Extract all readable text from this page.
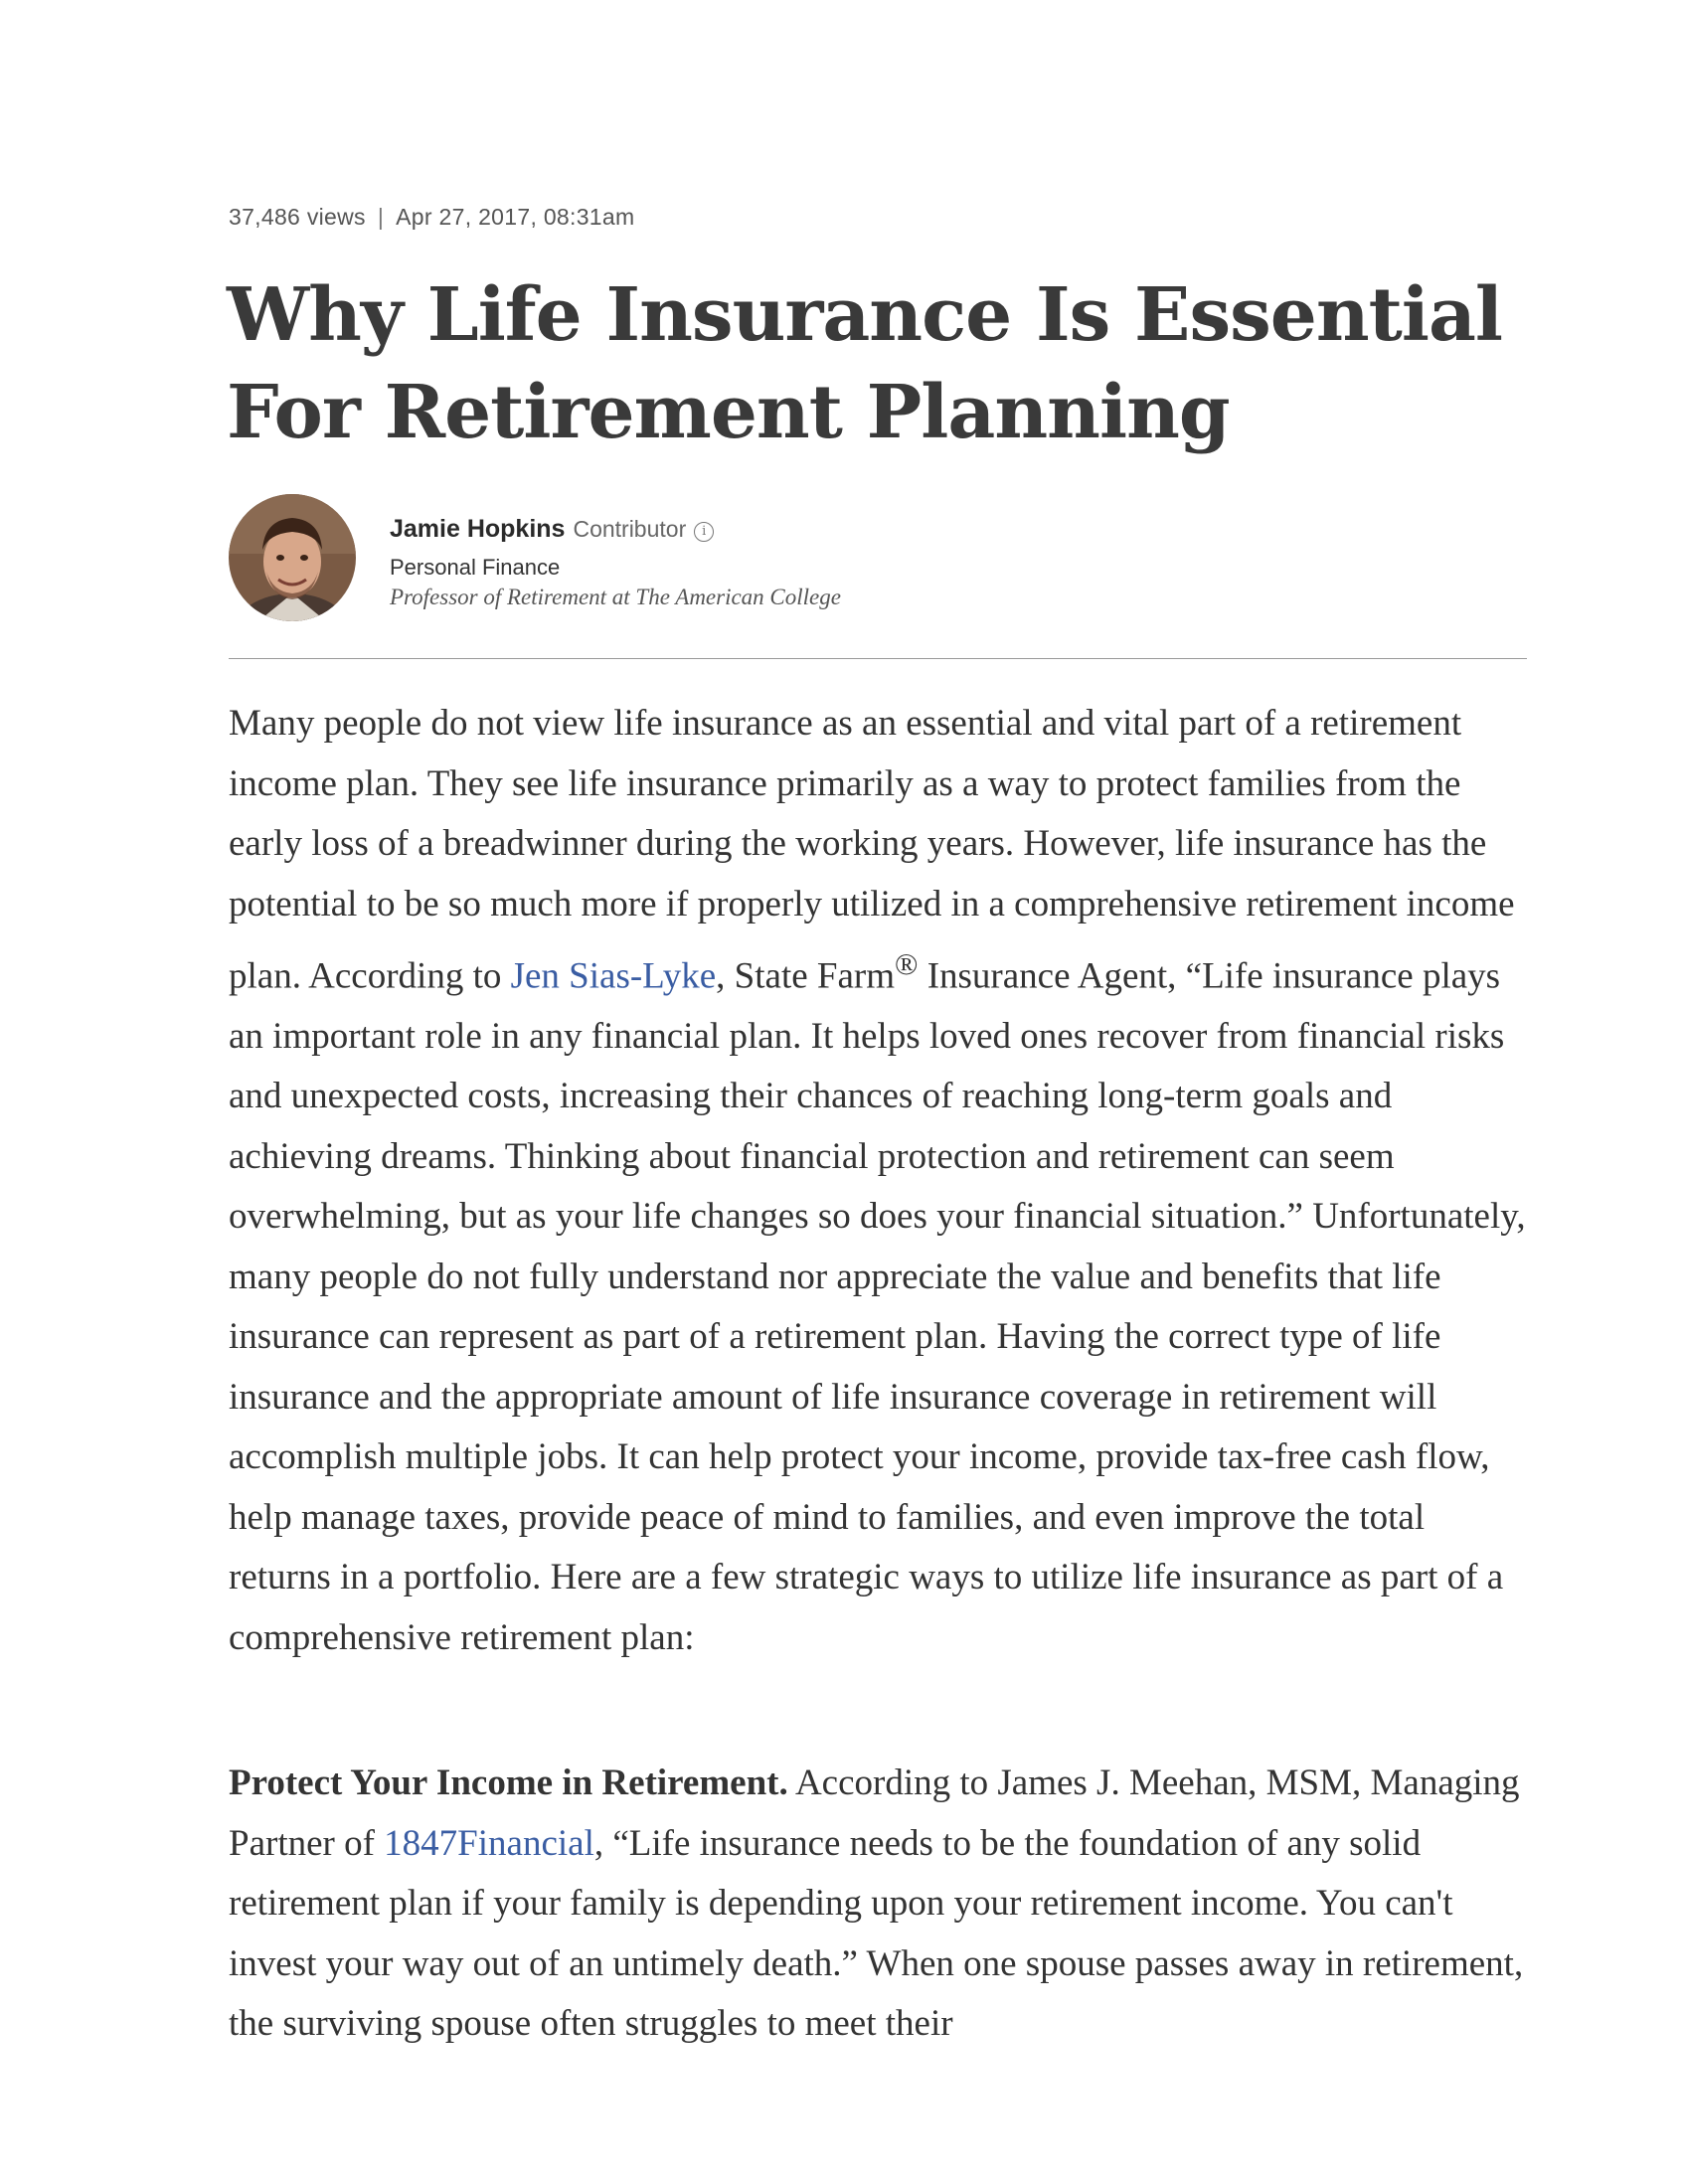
37,486 views | Apr 27, 2017, 08:31am
Why Life Insurance Is Essential For Retirement Planning
Jamie Hopkins Contributor i
Personal Finance
Professor of Retirement at The American College

Many people do not view life insurance as an essential and vital part of a retirement income plan. They see life insurance primarily as a way to protect families from the early loss of a breadwinner during the working years. However, life insurance has the potential to be so much more if properly utilized in a comprehensive retirement income plan. According to Jen Sias-Lyke, State Farm® Insurance Agent, “Life insurance plays an important role in any financial plan. It helps loved ones recover from financial risks and unexpected costs, increasing their chances of reaching long-term goals and achieving dreams. Thinking about financial protection and retirement can seem overwhelming, but as your life changes so does your financial situation.” Unfortunately, many people do not fully understand nor appreciate the value and benefits that life insurance can represent as part of a retirement plan. Having the correct type of life insurance and the appropriate amount of life insurance coverage in retirement will accomplish multiple jobs. It can help protect your income, provide tax-free cash flow, help manage taxes, provide peace of mind to families, and even improve the total returns in a portfolio. Here are a few strategic ways to utilize life insurance as part of a comprehensive retirement plan:

Protect Your Income in Retirement. According to James J. Meehan, MSM, Managing Partner of 1847Financial, “Life insurance needs to be the foundation of any solid retirement plan if your family is depending upon your retirement income. You can't invest your way out of an untimely death.” When one spouse passes away in retirement, the surviving spouse often struggles to meet their
